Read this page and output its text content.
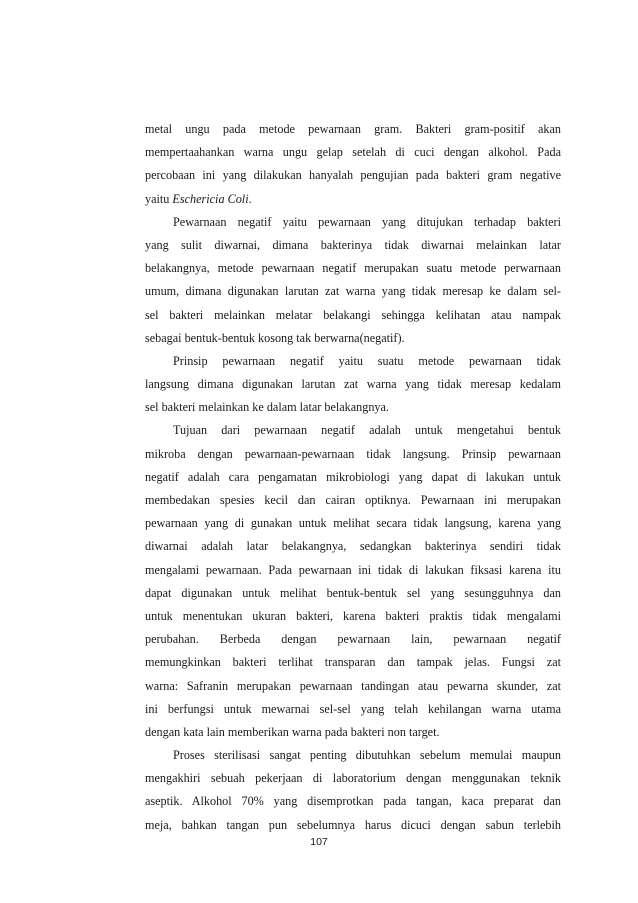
metal ungu pada metode pewarnaan gram. Bakteri gram-positif akan
mempertaahankan warna ungu gelap setelah di cuci dengan alkohol. Pada
percobaan ini yang dilakukan hanyalah pengujian pada bakteri gram negative
yaitu Eschericia Coli.
Pewarnaan negatif yaitu pewarnaan yang ditujukan terhadap bakteri
yang sulit diwarnai, dimana bakterinya tidak diwarnai melainkan latar
belakangnya, metode pewarnaan negatif merupakan suatu metode perwarnaan
umum, dimana digunakan larutan zat warna yang tidak meresap ke dalam sel-
sel bakteri melainkan melatar belakangi sehingga kelihatan atau nampak
sebagai bentuk-bentuk kosong tak berwarna(negatif).
Prinsip pewarnaan negatif yaitu suatu metode pewarnaan tidak
langsung dimana digunakan larutan zat warna yang tidak meresap kedalam
sel bakteri melainkan ke dalam latar belakangnya.
Tujuan dari pewarnaan negatif adalah untuk mengetahui bentuk
mikroba dengan pewarnaan-pewarnaan tidak langsung. Prinsip pewarnaan
negatif adalah cara pengamatan mikrobiologi yang dapat di lakukan untuk
membedakan spesies kecil dan cairan optiknya. Pewarnaan ini merupakan
pewarnaan yang di gunakan untuk melihat secara tidak langsung, karena yang
diwarnai adalah latar belakangnya, sedangkan bakterinya sendiri tidak
mengalami pewarnaan. Pada pewarnaan ini tidak di lakukan fiksasi karena itu
dapat digunakan untuk melihat bentuk-bentuk sel yang sesungguhnya dan
untuk menentukan ukuran bakteri, karena bakteri praktis tidak mengalami
perubahan. Berbeda dengan pewarnaan lain, pewarnaan negatif
memungkinkan bakteri terlihat transparan dan tampak jelas. Fungsi zat
warna: Safranin merupakan pewarnaan tandingan atau pewarna skunder, zat
ini berfungsi untuk mewarnai sel-sel yang telah kehilangan warna utama
dengan kata lain memberikan warna pada bakteri non target.
Proses sterilisasi sangat penting dibutuhkan sebelum memulai maupun
mengakhiri sebuah pekerjaan di laboratorium dengan menggunakan teknik
aseptik. Alkohol 70% yang disemprotkan pada tangan, kaca preparat dan
meja, bahkan tangan pun sebelumnya harus dicuci dengan sabun terlebih
107
